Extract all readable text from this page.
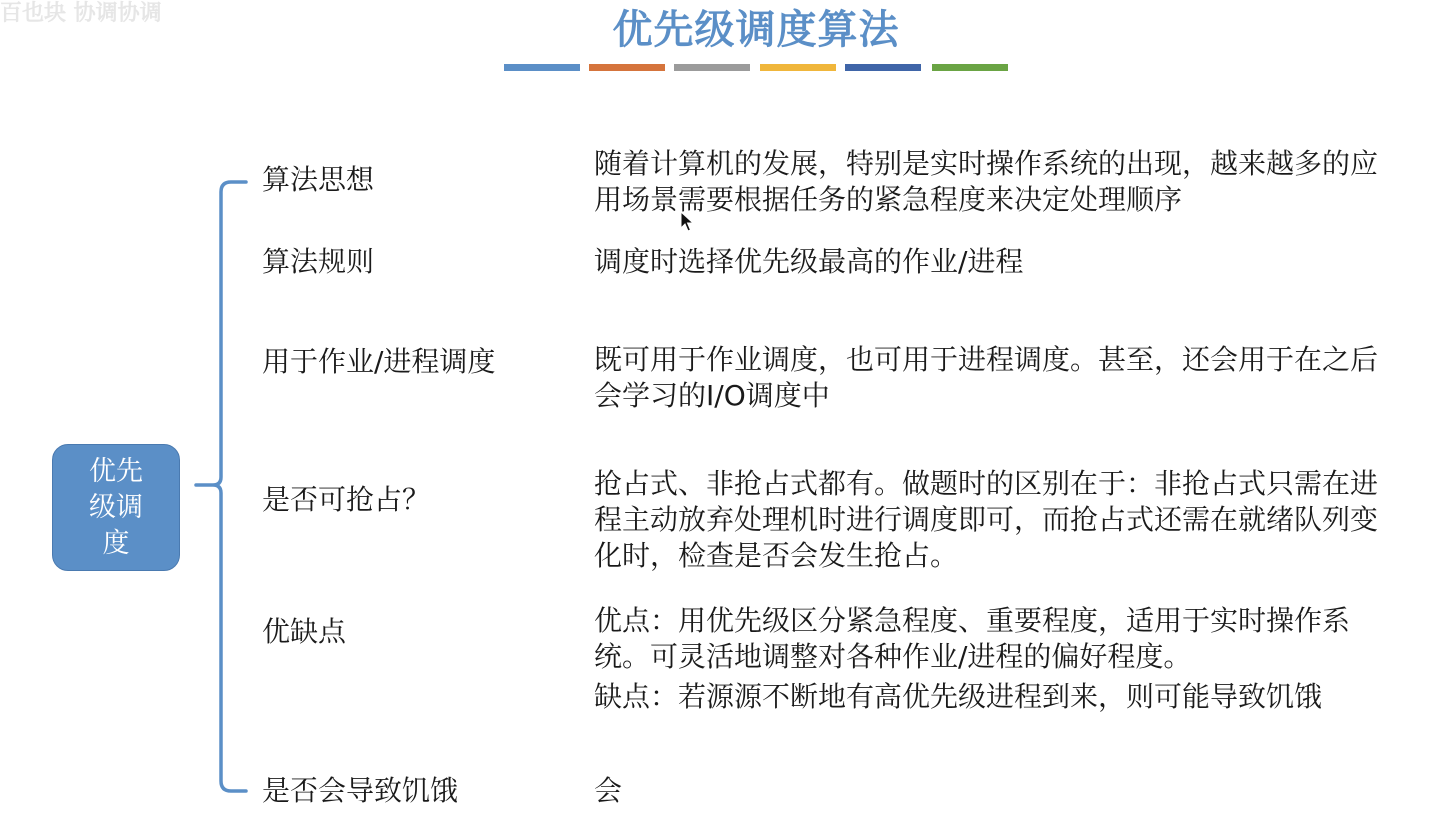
百也块 协调协调	优先级调度算法
优先级调度
算法思想	随着计算机的发展，特别是实时操作系统的出现，越来越多的应用场景需要根据任务的紧急程度来决定处理顺序

算法规则	调度时选择优先级最高的作业/进程

用于作业/进程调度	既可用于作业调度，也可用于进程调度。甚至，还会用于在之后会学习的I/O调度中

是否可抢占？	抢占式、非抢占式都有。做题时的区别在于：非抢占式只需在进程主动放弃处理机时进行调度即可，而抢占式还需在就绪队列变化时，检查是否会发生抢占。

优缺点	优点：用优先级区分紧急程度、重要程度，适用于实时操作系统。可灵活地调整对各种作业/进程的偏好程度。

缺点：若源源不断地有高优先级进程到来，则可能导致饥饿

是否会导致饥饿	会
